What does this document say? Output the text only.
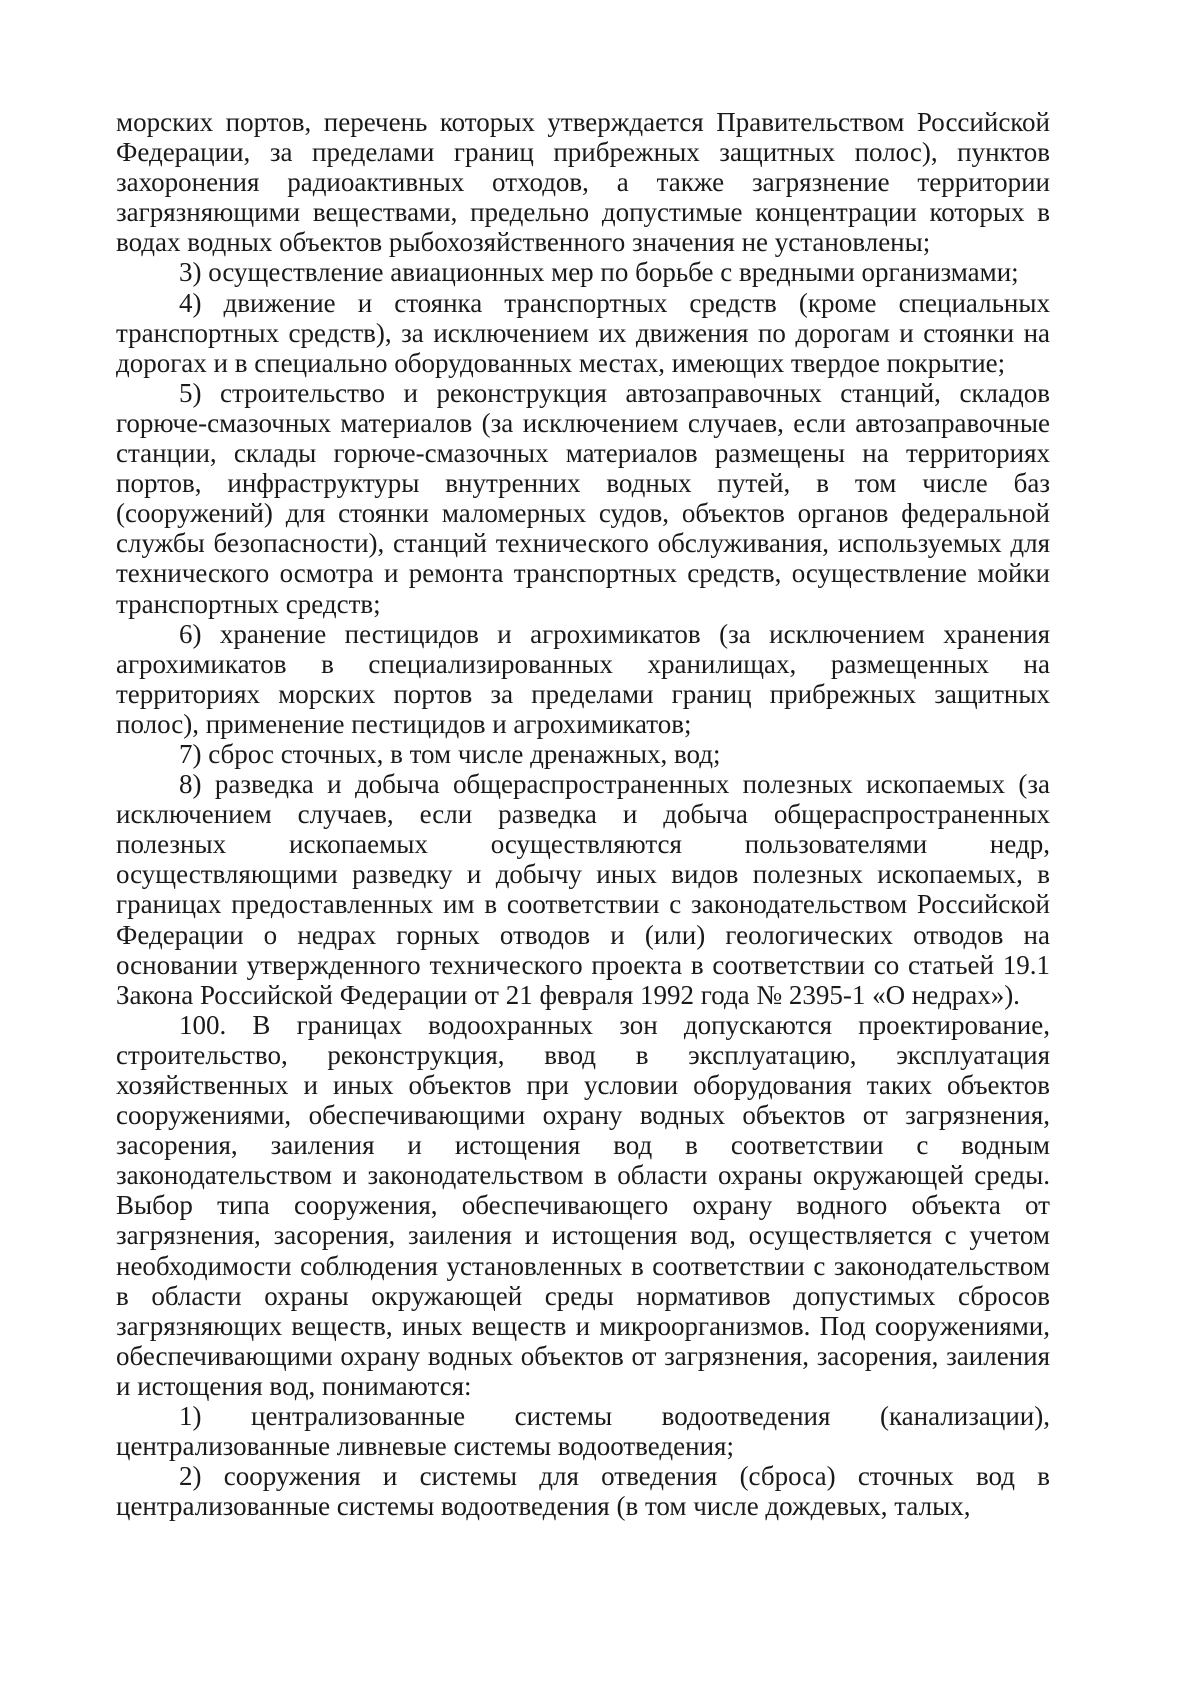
морских портов, перечень которых утверждается Правительством Российской Федерации, за пределами границ прибрежных защитных полос), пунктов захоронения радиоактивных отходов, а также загрязнение территории загрязняющими веществами, предельно допустимые концентрации которых в водах водных объектов рыбохозяйственного значения не установлены;

3) осуществление авиационных мер по борьбе с вредными организмами;

4) движение и стоянка транспортных средств (кроме специальных транспортных средств), за исключением их движения по дорогам и стоянки на дорогах и в специально оборудованных местах, имеющих твердое покрытие;

5) строительство и реконструкция автозаправочных станций, складов горюче-смазочных материалов (за исключением случаев, если автозаправочные станции, склады горюче-смазочных материалов размещены на территориях портов, инфраструктуры внутренних водных путей, в том числе баз (сооружений) для стоянки маломерных судов, объектов органов федеральной службы безопасности), станций технического обслуживания, используемых для технического осмотра и ремонта транспортных средств, осуществление мойки транспортных средств;

6) хранение пестицидов и агрохимикатов (за исключением хранения агрохимикатов в специализированных хранилищах, размещенных на территориях морских портов за пределами границ прибрежных защитных полос), применение пестицидов и агрохимикатов;

7) сброс сточных, в том числе дренажных, вод;

8) разведка и добыча общераспространенных полезных ископаемых (за исключением случаев, если разведка и добыча общераспространенных полезных ископаемых осуществляются пользователями недр, осуществляющими разведку и добычу иных видов полезных ископаемых, в границах предоставленных им в соответствии с законодательством Российской Федерации о недрах горных отводов и (или) геологических отводов на основании утвержденного технического проекта в соответствии со статьей 19.1 Закона Российской Федерации от 21 февраля 1992 года № 2395-1 «О недрах»).

100. В границах водоохранных зон допускаются проектирование, строительство, реконструкция, ввод в эксплуатацию, эксплуатация хозяйственных и иных объектов при условии оборудования таких объектов сооружениями, обеспечивающими охрану водных объектов от загрязнения, засорения, заиления и истощения вод в соответствии с водным законодательством и законодательством в области охраны окружающей среды. Выбор типа сооружения, обеспечивающего охрану водного объекта от загрязнения, засорения, заиления и истощения вод, осуществляется с учетом необходимости соблюдения установленных в соответствии с законодательством в области охраны окружающей среды нормативов допустимых сбросов загрязняющих веществ, иных веществ и микроорганизмов. Под сооружениями, обеспечивающими охрану водных объектов от загрязнения, засорения, заиления и истощения вод, понимаются:

1) централизованные системы водоотведения (канализации), централизованные ливневые системы водоотведения;

2) сооружения и системы для отведения (сброса) сточных вод в централизованные системы водоотведения (в том числе дождевых, талых,
